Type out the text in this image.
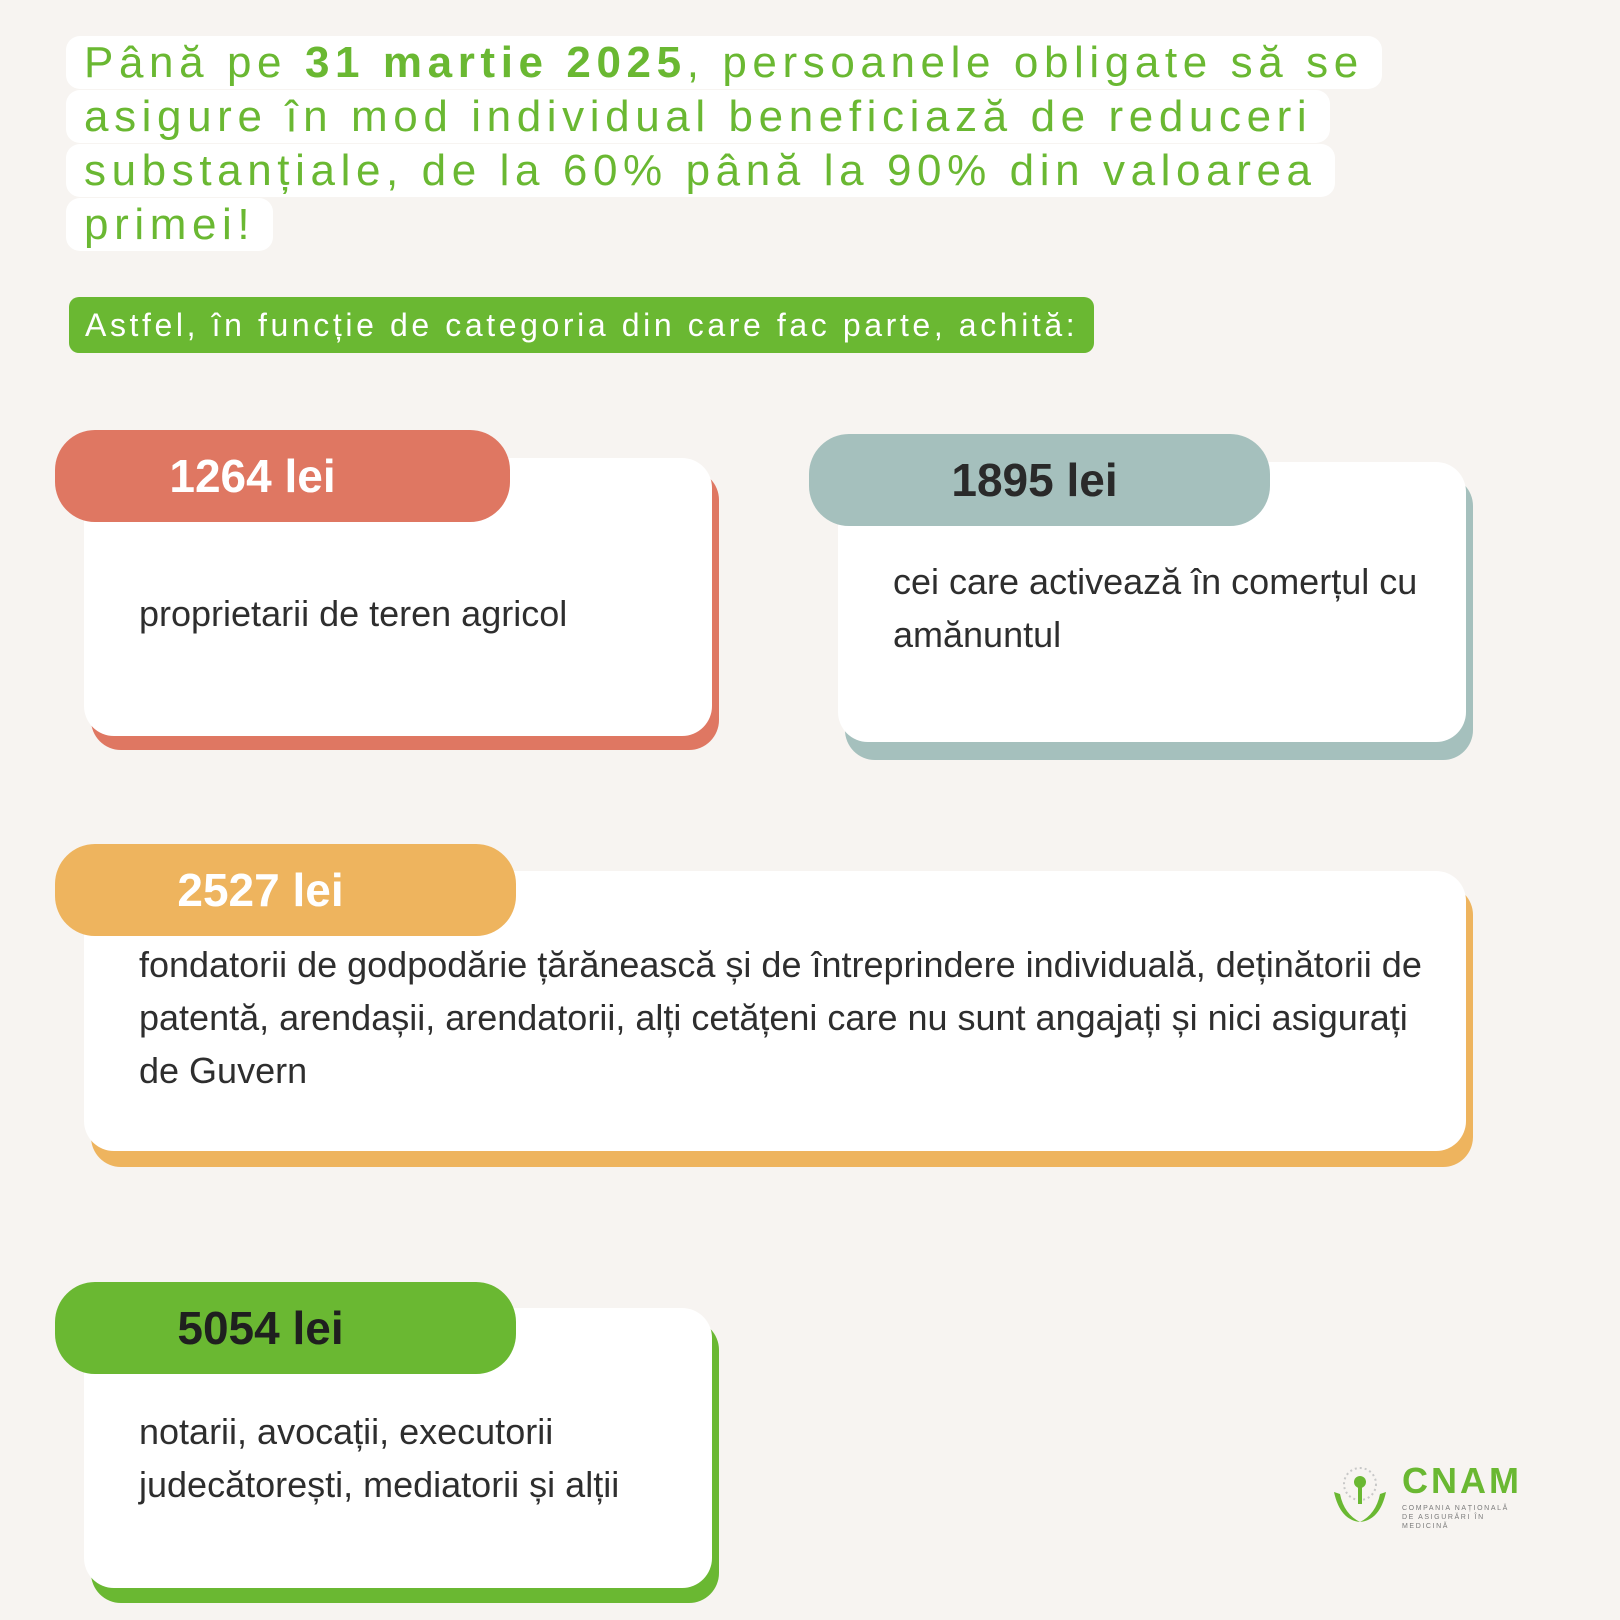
Până pe 31 martie 2025, persoanele obligate să se asigure în mod individual beneficiază de reduceri substanțiale, de la 60% până la 90% din valoarea primei!
Astfel, în funcție de categoria din care fac parte, achită:
1264 lei
proprietarii de teren agricol
1895 lei
cei care activează în comerțul cu amănuntul
2527 lei
fondatorii de godpodărie țărănească și de întreprindere individuală, deținătorii de patentă, arendașii, arendatorii, alți cetățeni care nu sunt angajați și nici asigurați de Guvern
5054 lei
notarii, avocații, executorii judecătorești, mediatorii și alții	CNAM
COMPANIA NAȚIONALĂ
DE ASIGURĂRI ÎN MEDICINĂ
